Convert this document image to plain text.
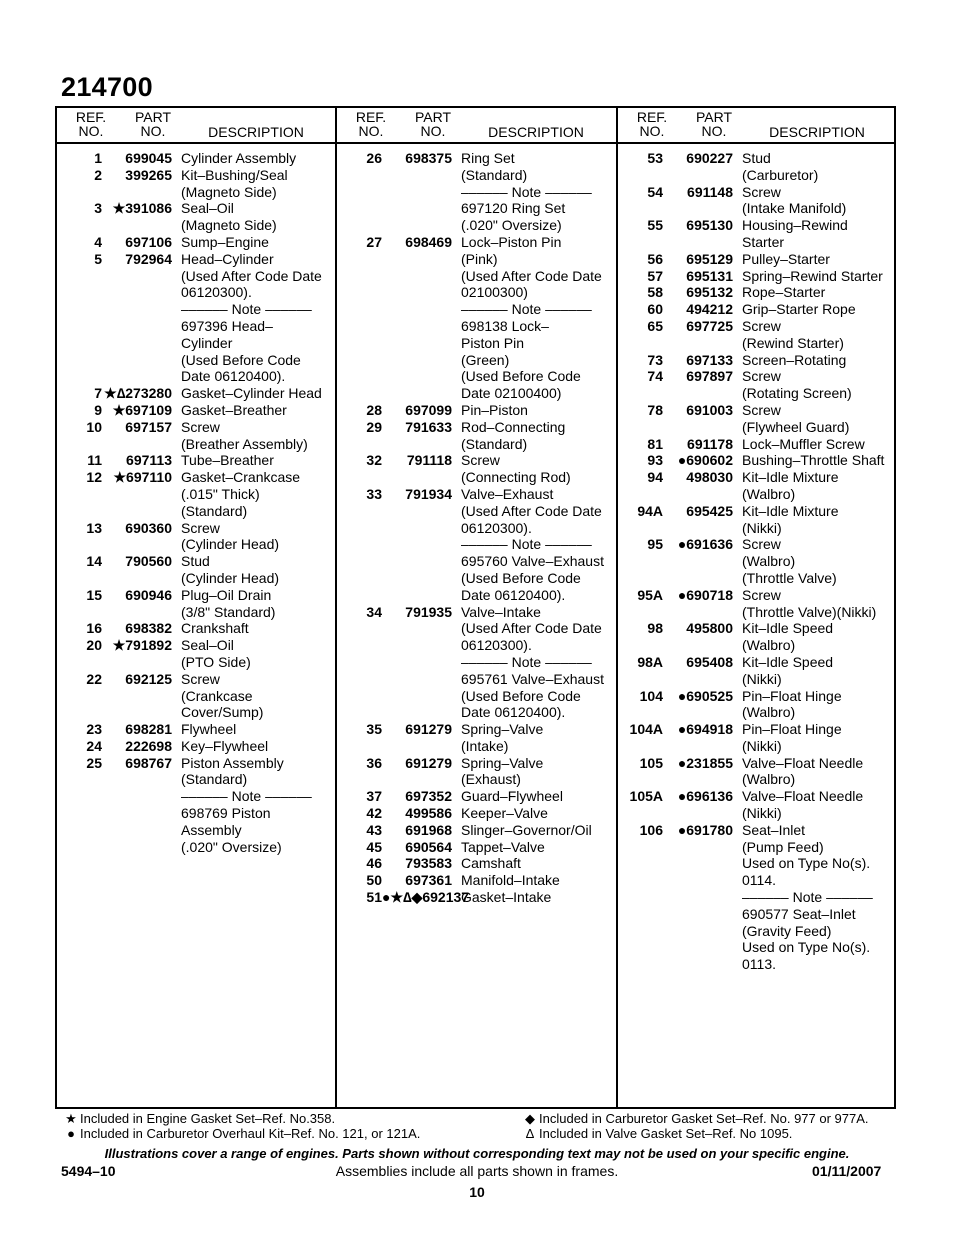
214700
REF.
NO.
PART
NO.	DESCRIPTION
1	699045 Cylinder Assembly
2	399265 Kit–Bushing/Seal
(Magneto Side)
3 ★391086 Seal–Oil
(Magneto Side)
4	697106 Sump–Engine
5	792964 Head–Cylinder
(Used After Code Date
06120300).
–––––– Note ––––––
697396 Head–
Cylinder
(Used Before Code
Date 06120400).
7 ★∆273280 Gasket–Cylinder Head
9 ★697109 Gasket–Breather
10	697157 Screw
(Breather Assembly)
11	697113 Tube–Breather
12 ★697110 Gasket–Crankcase
(.015" Thick)
(Standard)
13	690360 Screw
(Cylinder Head)
14	790560 Stud
(Cylinder Head)
15	690946 Plug–Oil Drain
(3/8" Standard)
16	698382 Crankshaft
20 ★791892 Seal–Oil
(PTO Side)
22	692125 Screw
(Crankcase
Cover/Sump)
23	698281 Flywheel
24	222698 Key–Flywheel
25	698767 Piston Assembly
(Standard)
–––––– Note ––––––
698769 Piston
Assembly
(.020" Oversize)
REF.
NO.
PART
NO.	DESCRIPTION
26	698375 Ring Set
(Standard)
–––––– Note ––––––
697120 Ring Set
(.020" Oversize)
27	698469 Lock–Piston Pin
(Pink)
(Used After Code Date
02100300)
–––––– Note ––––––
698138 Lock–
Piston Pin
(Green)
(Used Before Code
Date 02100400)
28	697099 Pin–Piston
29	791633 Rod–Connecting
(Standard)
32	791118 Screw
(Connecting Rod)
33	791934 Valve–Exhaust
(Used After Code Date
06120300).
–––––– Note ––––––
695760 Valve–Exhaust
(Used Before Code
Date 06120400).
34	791935 Valve–Intake
(Used After Code Date
06120300).
–––––– Note ––––––
695761 Valve–Exhaust
(Used Before Code
Date 06120400).
35	691279 Spring–Valve
(Intake)
36	691279 Spring–Valve
(Exhaust)
37	697352 Guard–Flywheel
42	499586 Keeper–Valve
43	691968 Slinger–Governor/Oil
45	690564 Tappet–Valve
46	793583 Camshaft
50	697361 Manifold–Intake
51 ●★∆◆692137
Gasket–Intake
REF.
NO.
PART
NO.	DESCRIPTION
53	690227 Stud
(Carburetor)
54	691148 Screw
(Intake Manifold)
55	695130 Housing–Rewind
Starter
56	695129 Pulley–Starter
57	695131 Spring–Rewind Starter
58	695132 Rope–Starter
60	494212 Grip–Starter Rope
65	697725 Screw
(Rewind Starter)
73	697133 Screen–Rotating
74	697897 Screw
(Rotating Screen)
78	691003 Screw
(Flywheel Guard)
81	691178 Lock–Muffler Screw
93	●690602 Bushing–Throttle Shaft
94	498030 Kit–Idle Mixture
(Walbro)
94A	695425 Kit–Idle Mixture
(Nikki)
95	●691636 Screw
(Walbro)
(Throttle Valve)
95A	●690718 Screw
(Throttle Valve)(Nikki)
98	495800 Kit–Idle Speed
(Walbro)
98A	695408 Kit–Idle Speed
(Nikki)
104	●690525 Pin–Float Hinge
(Walbro)
104A	●694918 Pin–Float Hinge
(Nikki)
105	●231855 Valve–Float Needle
(Walbro)
105A	●696136 Valve–Float Needle
(Nikki)
106	●691780 Seat–Inlet
(Pump Feed)
Used on Type No(s).
0114.
–––––– Note ––––––
690577 Seat–Inlet
(Gravity Feed)
Used on Type No(s).
0113.
★ Included in Engine Gasket Set–Ref. No.358.
● Included in Carburetor Overhaul Kit–Ref. No. 121, or 121A.
◆ Included in Carburetor Gasket Set–Ref. No. 977 or 977A.
∆ Included in Valve Gasket Set–Ref. No 1095.
Illustrations cover a range of engines. Parts shown without corresponding text may not be used on your specific engine.
5494–10	Assemblies include all parts shown in frames.	01/11/2007
10
